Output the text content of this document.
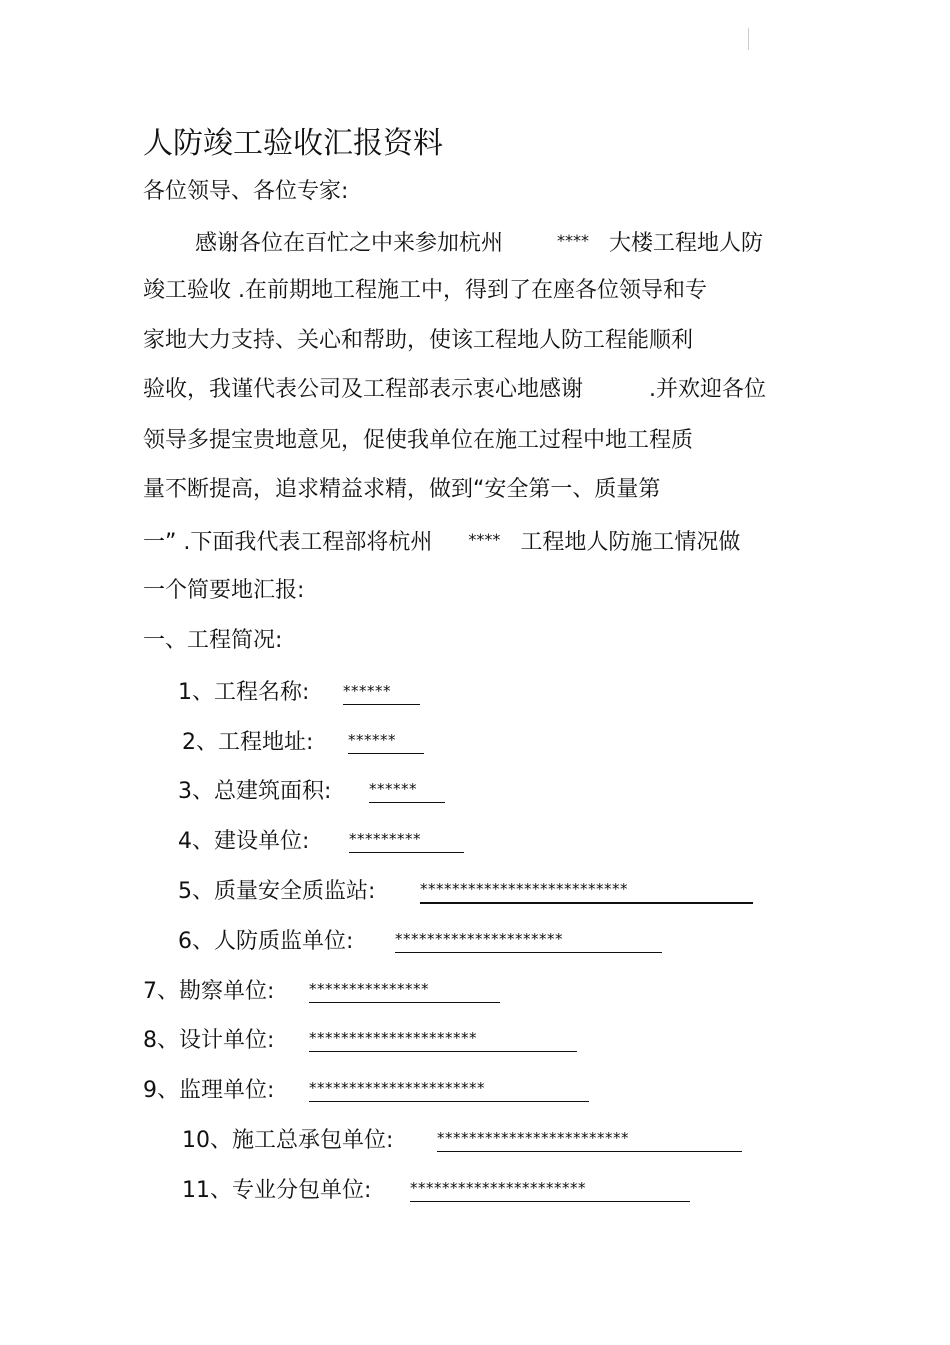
人防竣工验收汇报资料
各位领导、各位专家:
感谢各位在百忙之中来参加杭州	**** 大楼工程地人防
竣工验收 .在前期地工程施工中，得到了在座各位领导和专
家地大力支持、关心和帮助，使该工程地人防工程能顺利
验收，我谨代表公司及工程部表示衷心地感谢	.并欢迎各位
领导多提宝贵地意见，促使我单位在施工过程中地工程质
量不断提高，追求精益求精，做到“安全第一、质量第
一” .下面我代表工程部将杭州 **** 工程地人防施工情况做
一个简要地汇报:
一、工程简况:
1、工程名称: ******
2、工程地址: ******
3、总建筑面积:	******
4、建设单位:	*********
5、质量安全质监站:	**************************
6、人防质监单位:	*********************
7、勘察单位: ***************
8、设计单位: *********************
9、监理单位: **********************
10、施工总承包单位:	************************
11、专业分包单位:	**********************
